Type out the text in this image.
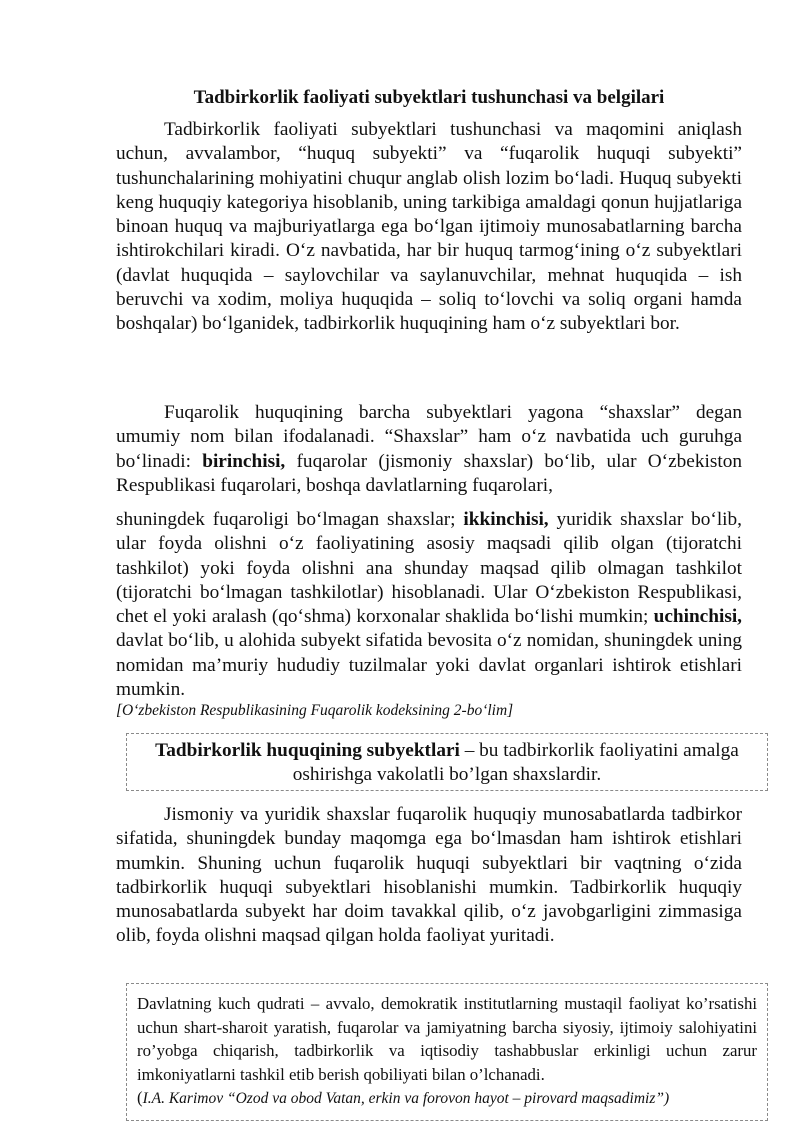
Tadbirkorlik faoliyati subyektlari tushunchasi va belgilari

Tadbirkorlik faoliyati subyektlari tushunchasi va maqomini aniqlash uchun, avvalambor, “huquq subyekti” va “fuqarolik huquqi subyekti” tushunchalarining mohiyatini chuqur anglab olish lozim bo‘ladi. Huquq subyekti keng huquqiy kategoriya hisoblanib, uning tarkibiga amaldagi qonun hujjatlariga binoan huquq va majburiyatlarga ega bo‘lgan ijtimoiy munosabatlarning barcha ishtirokchilari kiradi. O‘z navbatida, har bir huquq tarmog‘ining o‘z subyektlari (davlat huquqida – saylovchilar va saylanuvchilar, mehnat huquqida – ish beruvchi va xodim, moliya huquqida – soliq to‘lovchi va soliq organi hamda boshqalar) bo‘lganidek, tadbirkorlik huquqining ham o‘z subyektlari bor.

Fuqarolik huquqining barcha subyektlari yagona “shaxslar” degan umumiy nom bilan ifodalanadi. “Shaxslar” ham o‘z navbatida uch guruhga bo‘linadi: birinchisi, fuqarolar (jismoniy shaxslar) bo‘lib, ular O‘zbekiston Respublikasi fuqarolari, boshqa davlatlarning fuqarolari,

shuningdek fuqaroligi bo‘lmagan shaxslar; ikkinchisi, yuridik shaxslar bo‘lib, ular foyda olishni o‘z faoliyatining asosiy maqsadi qilib olgan (tijoratchi tashkilot) yoki foyda olishni ana shunday maqsad qilib olmagan tashkilot (tijoratchi bo‘lmagan tashkilotlar) hisoblanadi. Ular O‘zbekiston Respublikasi, chet el yoki aralash (qo‘shma) korxonalar shaklida bo‘lishi mumkin; uchinchisi, davlat bo‘lib, u alohida subyekt sifatida bevosita o‘z nomidan, shuningdek uning nomidan ma’muriy hududiy tuzilmalar yoki davlat organlari ishtirok etishlari mumkin.

[O‘zbekiston Respublikasining Fuqarolik kodeksining 2-bo‘lim]

Tadbirkorlik huquqining subyektlari – bu tadbirkorlik faoliyatini amalga oshirishga vakolatli bo’lgan shaxslardir.

Jismoniy va yuridik shaxslar fuqarolik huquqiy munosabatlarda tadbirkor sifatida, shuningdek bunday maqomga ega bo‘lmasdan ham ishtirok etishlari mumkin. Shuning uchun fuqarolik huquqi subyektlari bir vaqtning o‘zida tadbirkorlik huquqi subyektlari hisoblanishi mumkin. Tadbirkorlik huquqiy munosabatlarda subyekt har doim tavakkal qilib, o‘z javobgarligini zimmasiga olib, foyda olishni maqsad qilgan holda faoliyat yuritadi.

Davlatning kuch qudrati – avvalo, demokratik institutlarning mustaqil faoliyat ko’rsatishi uchun shart-sharoit yaratish, fuqarolar va jamiyatning barcha siyosiy, ijtimoiy salohiyatini ro’yobga chiqarish, tadbirkorlik va iqtisodiy tashabbuslar erkinligi uchun zarur imkoniyatlarni tashkil etib berish qobiliyati bilan o’lchanadi.
(I.A. Karimov “Ozod va obod Vatan, erkin va forovon hayot – pirovard maqsadimiz”)
